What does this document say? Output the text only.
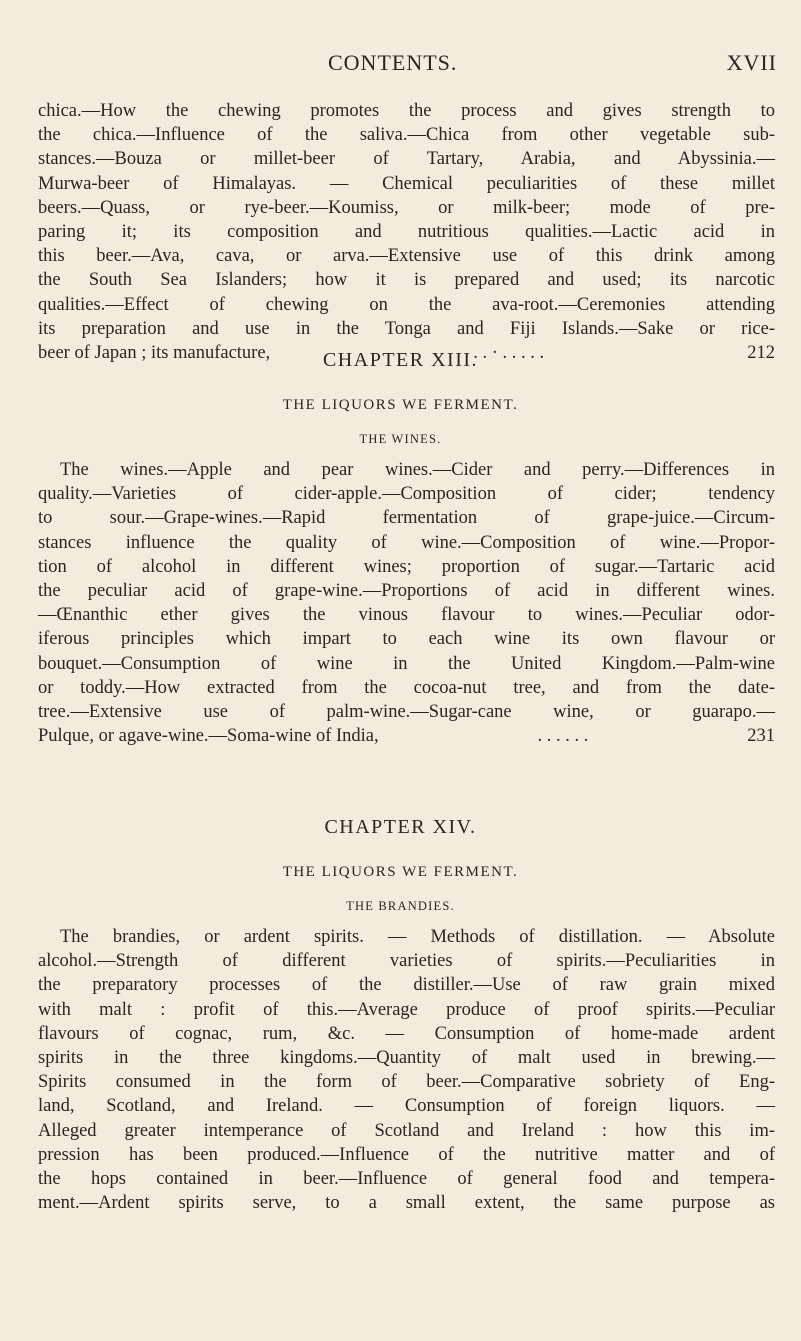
CONTENTS.	XVII
chica.—How the chewing promotes the process and gives strength to
the chica.—Influence of the saliva.—Chica from other vegetable sub-
stances.—Bouza or millet-beer of Tartary, Arabia, and Abyssinia.—
Murwa-beer of Himalayas. — Chemical peculiarities of these millet
beers.—Quass, or rye-beer.—Koumiss, or milk-beer; mode of pre-
paring it; its composition and nutritious qualities.—Lactic acid in
this beer.—Ava, cava, or arva.—Extensive use of this drink among
the South Sea Islanders; how it is prepared and used; its narcotic
qualities.—Effect of chewing on the ava-root.—Ceremonies attending
its preparation and use in the Tonga and Fiji Islands.—Sake or rice-
beer of Japan ; its manufacture,	. . · . . . . .	212
CHAPTER XIII.
THE LIQUORS WE FERMENT.
THE WINES.
The wines.—Apple and pear wines.—Cider and perry.—Differences in
quality.—Varieties of cider-apple.—Composition of cider; tendency
to sour.—Grape-wines.—Rapid fermentation of grape-juice.—Circum-
stances influence the quality of wine.—Composition of wine.—Propor-
tion of alcohol in different wines; proportion of sugar.—Tartaric acid
the peculiar acid of grape-wine.—Proportions of acid in different wines.
—Œnanthic ether gives the vinous flavour to wines.—Peculiar odor-
iferous principles which impart to each wine its own flavour or
bouquet.—Consumption of wine in the United Kingdom.—Palm-wine
or toddy.—How extracted from the cocoa-nut tree, and from the date-
tree.—Extensive use of palm-wine.—Sugar-cane wine, or guarapo.—
Pulque, or agave-wine.—Soma-wine of India,	. . . . . .	231
CHAPTER XIV.
THE LIQUORS WE FERMENT.
THE BRANDIES.
The brandies, or ardent spirits. — Methods of distillation. — Absolute
alcohol.—Strength of different varieties of spirits.—Peculiarities in
the preparatory processes of the distiller.—Use of raw grain mixed
with malt : profit of this.—Average produce of proof spirits.—Peculiar
flavours of cognac, rum, &c. — Consumption of home-made ardent
spirits in the three kingdoms.—Quantity of malt used in brewing.—
Spirits consumed in the form of beer.—Comparative sobriety of Eng-
land, Scotland, and Ireland. — Consumption of foreign liquors. —
Alleged greater intemperance of Scotland and Ireland : how this im-
pression has been produced.—Influence of the nutritive matter and of
the hops contained in beer.—Influence of general food and tempera-
ment.—Ardent spirits serve, to a small extent, the same purpose as
